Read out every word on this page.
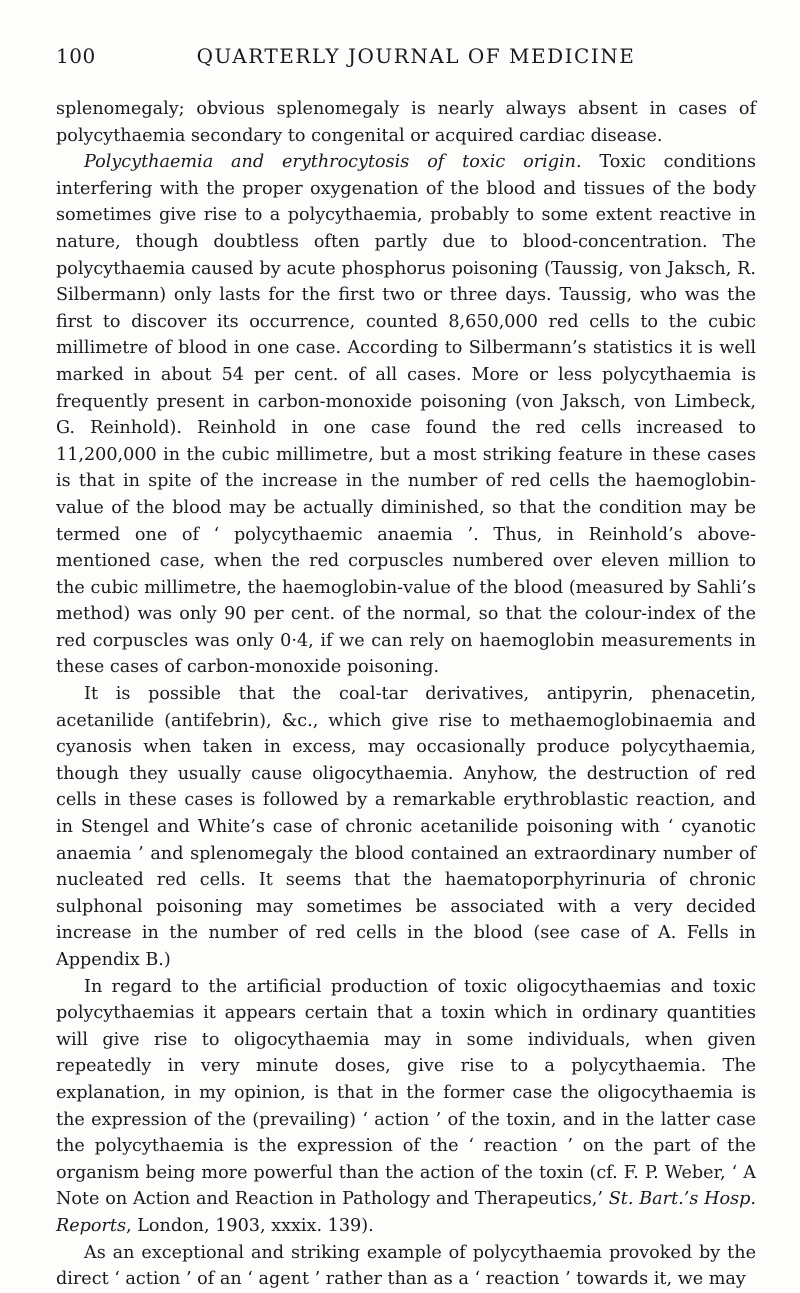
100	QUARTERLY JOURNAL OF MEDICINE

splenomegaly; obvious splenomegaly is nearly always absent in cases of polycythaemia secondary to congenital or acquired cardiac disease.

Polycythaemia and erythrocytosis of toxic origin. Toxic conditions interfering with the proper oxygenation of the blood and tissues of the body sometimes give rise to a polycythaemia, probably to some extent reactive in nature, though doubtless often partly due to blood-concentration. The polycythaemia caused by acute phosphorus poisoning (Taussig, von Jaksch, R. Silbermann) only lasts for the first two or three days. Taussig, who was the first to discover its occurrence, counted 8,650,000 red cells to the cubic millimetre of blood in one case. According to Silbermann’s statistics it is well marked in about 54 per cent. of all cases. More or less polycythaemia is frequently present in carbon-monoxide poisoning (von Jaksch, von Limbeck, G. Reinhold). Reinhold in one case found the red cells increased to 11,200,000 in the cubic millimetre, but a most striking feature in these cases is that in spite of the increase in the number of red cells the haemoglobin-value of the blood may be actually diminished, so that the condition may be termed one of ‘ polycythaemic anaemia ’. Thus, in Reinhold’s above-mentioned case, when the red corpuscles numbered over eleven million to the cubic millimetre, the haemoglobin-value of the blood (measured by Sahli’s method) was only 90 per cent. of the normal, so that the colour-index of the red corpuscles was only 0·4, if we can rely on haemoglobin measurements in these cases of carbon-monoxide poisoning.

It is possible that the coal-tar derivatives, antipyrin, phenacetin, acetanilide (antifebrin), &c., which give rise to methaemoglobinaemia and cyanosis when taken in excess, may occasionally produce polycythaemia, though they usually cause oligocythaemia. Anyhow, the destruction of red cells in these cases is followed by a remarkable erythroblastic reaction, and in Stengel and White’s case of chronic acetanilide poisoning with ‘ cyanotic anaemia ’ and splenomegaly the blood contained an extraordinary number of nucleated red cells. It seems that the haematoporphyrinuria of chronic sulphonal poisoning may sometimes be associated with a very decided increase in the number of red cells in the blood (see case of A. Fells in Appendix B.)

In regard to the artificial production of toxic oligocythaemias and toxic polycythaemias it appears certain that a toxin which in ordinary quantities will give rise to oligocythaemia may in some individuals, when given repeatedly in very minute doses, give rise to a polycythaemia. The explanation, in my opinion, is that in the former case the oligocythaemia is the expression of the (prevailing) ‘ action ’ of the toxin, and in the latter case the polycythaemia is the expression of the ‘ reaction ’ on the part of the organism being more powerful than the action of the toxin (cf. F. P. Weber, ‘ A Note on Action and Reaction in Pathology and Therapeutics,’ St. Bart.’s Hosp. Reports, London, 1903, xxxix. 139).

As an exceptional and striking example of polycythaemia provoked by the direct ‘ action ’ of an ‘ agent ’ rather than as a ‘ reaction ’ towards it, we may
